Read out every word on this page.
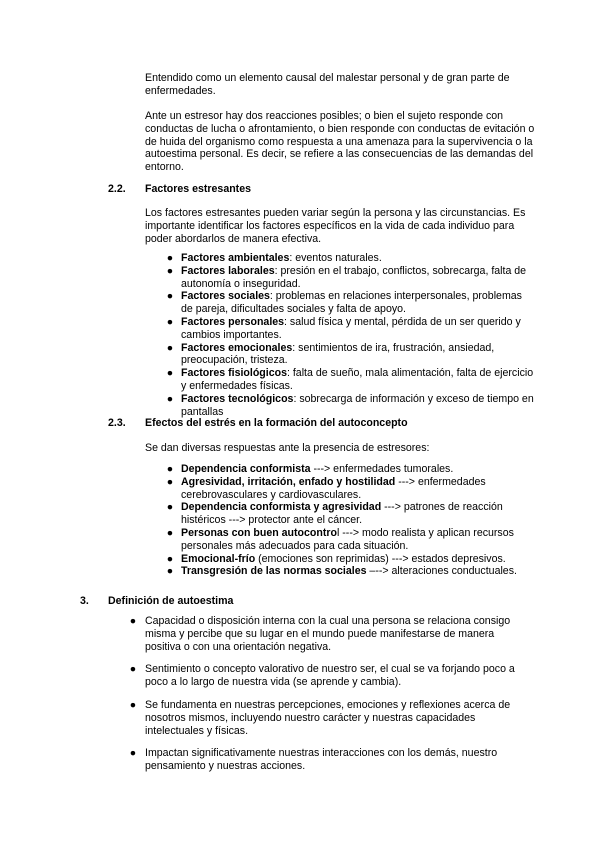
Entendido como un elemento causal del malestar personal y de gran parte de enfermedades.

Ante un estresor hay dos reacciones posibles; o bien el sujeto responde con conductas de lucha o afrontamiento, o bien responde con conductas de evitación o de huida del organismo como respuesta a una amenaza para la supervivencia o la autoestima personal. Es decir, se refiere a las consecuencias de las demandas del entorno.

2.2. Factores estresantes

Los factores estresantes pueden variar según la persona y las circunstancias. Es importante identificar los factores específicos en la vida de cada individuo para poder abordarlos de manera efectiva.

● Factores ambientales: eventos naturales.
● Factores laborales: presión en el trabajo, conflictos, sobrecarga, falta de autonomía o inseguridad.
● Factores sociales: problemas en relaciones interpersonales, problemas de pareja, dificultades sociales y falta de apoyo.
● Factores personales: salud física y mental, pérdida de un ser querido y cambios importantes.
● Factores emocionales: sentimientos de ira, frustración, ansiedad, preocupación, tristeza.
● Factores fisiológicos: falta de sueño, mala alimentación, falta de ejercicio y enfermedades físicas.
● Factores tecnológicos: sobrecarga de información y exceso de tiempo en pantallas
2.3. Efectos del estrés en la formación del autoconcepto

Se dan diversas respuestas ante la presencia de estresores:

● Dependencia conformista ---> enfermedades tumorales.
● Agresividad, irritación, enfado y hostilidad ---> enfermedades cerebrovasculares y cardiovasculares.
● Dependencia conformista y agresividad ---> patrones de reacción histéricos ---> protector ante el cáncer.
● Personas con buen autocontrol ---> modo realista y aplican recursos personales más adecuados para cada situación.
● Emocional-frío (emociones son reprimidas) ---> estados depresivos.
● Transgresión de las normas sociales –--> alteraciones conductuales.
3. Definición de autoestima
● Capacidad o disposición interna con la cual una persona se relaciona consigo misma y percibe que su lugar en el mundo puede manifestarse de manera positiva o con una orientación negativa.
● Sentimiento o concepto valorativo de nuestro ser, el cual se va forjando poco a poco a lo largo de nuestra vida (se aprende y cambia).
● Se fundamenta en nuestras percepciones, emociones y reflexiones acerca de nosotros mismos, incluyendo nuestro carácter y nuestras capacidades intelectuales y físicas.
● Impactan significativamente nuestras interacciones con los demás, nuestro pensamiento y nuestras acciones.
